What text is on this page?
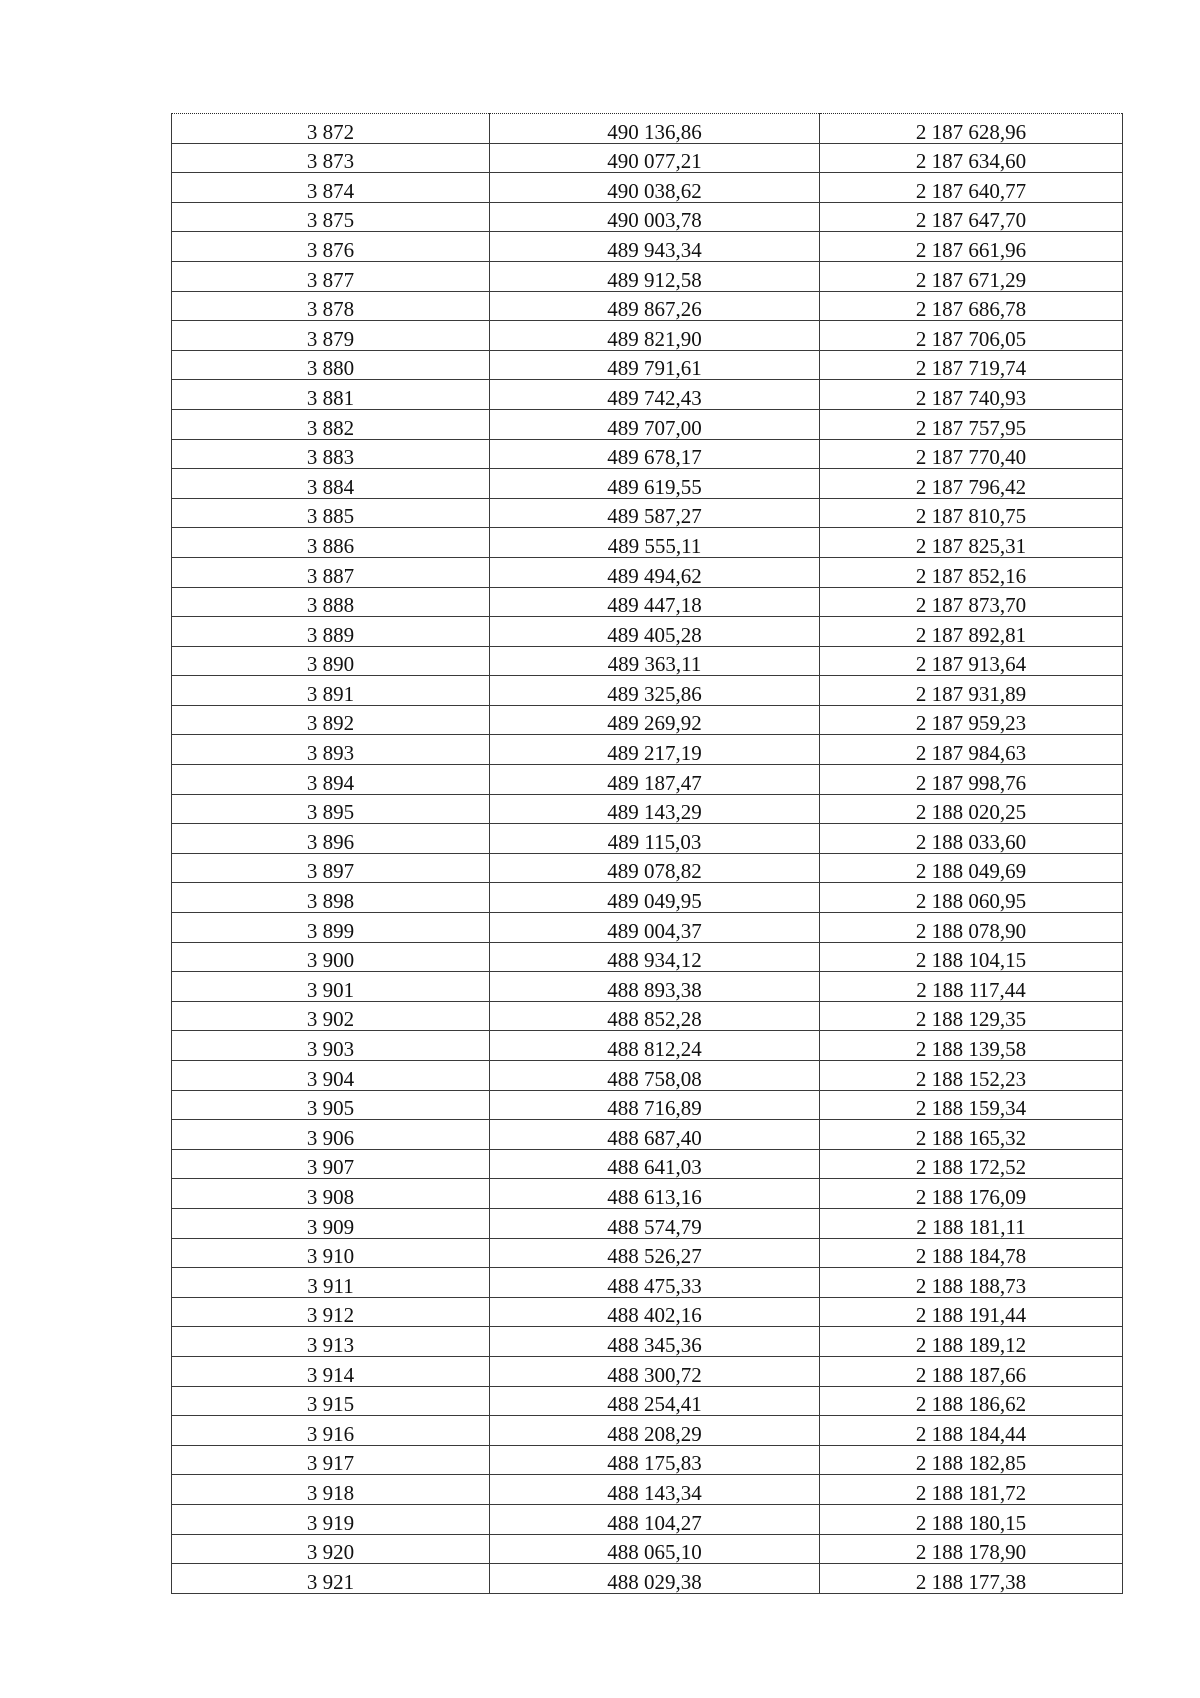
3 872	490 136,86	2 187 628,96
3 873	490 077,21	2 187 634,60
3 874	490 038,62	2 187 640,77
3 875	490 003,78	2 187 647,70
3 876	489 943,34	2 187 661,96
3 877	489 912,58	2 187 671,29
3 878	489 867,26	2 187 686,78
3 879	489 821,90	2 187 706,05
3 880	489 791,61	2 187 719,74
3 881	489 742,43	2 187 740,93
3 882	489 707,00	2 187 757,95
3 883	489 678,17	2 187 770,40
3 884	489 619,55	2 187 796,42
3 885	489 587,27	2 187 810,75
3 886	489 555,11	2 187 825,31
3 887	489 494,62	2 187 852,16
3 888	489 447,18	2 187 873,70
3 889	489 405,28	2 187 892,81
3 890	489 363,11	2 187 913,64
3 891	489 325,86	2 187 931,89
3 892	489 269,92	2 187 959,23
3 893	489 217,19	2 187 984,63
3 894	489 187,47	2 187 998,76
3 895	489 143,29	2 188 020,25
3 896	489 115,03	2 188 033,60
3 897	489 078,82	2 188 049,69
3 898	489 049,95	2 188 060,95
3 899	489 004,37	2 188 078,90
3 900	488 934,12	2 188 104,15
3 901	488 893,38	2 188 117,44
3 902	488 852,28	2 188 129,35
3 903	488 812,24	2 188 139,58
3 904	488 758,08	2 188 152,23
3 905	488 716,89	2 188 159,34
3 906	488 687,40	2 188 165,32
3 907	488 641,03	2 188 172,52
3 908	488 613,16	2 188 176,09
3 909	488 574,79	2 188 181,11
3 910	488 526,27	2 188 184,78
3 911	488 475,33	2 188 188,73
3 912	488 402,16	2 188 191,44
3 913	488 345,36	2 188 189,12
3 914	488 300,72	2 188 187,66
3 915	488 254,41	2 188 186,62
3 916	488 208,29	2 188 184,44
3 917	488 175,83	2 188 182,85
3 918	488 143,34	2 188 181,72
3 919	488 104,27	2 188 180,15
3 920	488 065,10	2 188 178,90
3 921	488 029,38	2 188 177,38
